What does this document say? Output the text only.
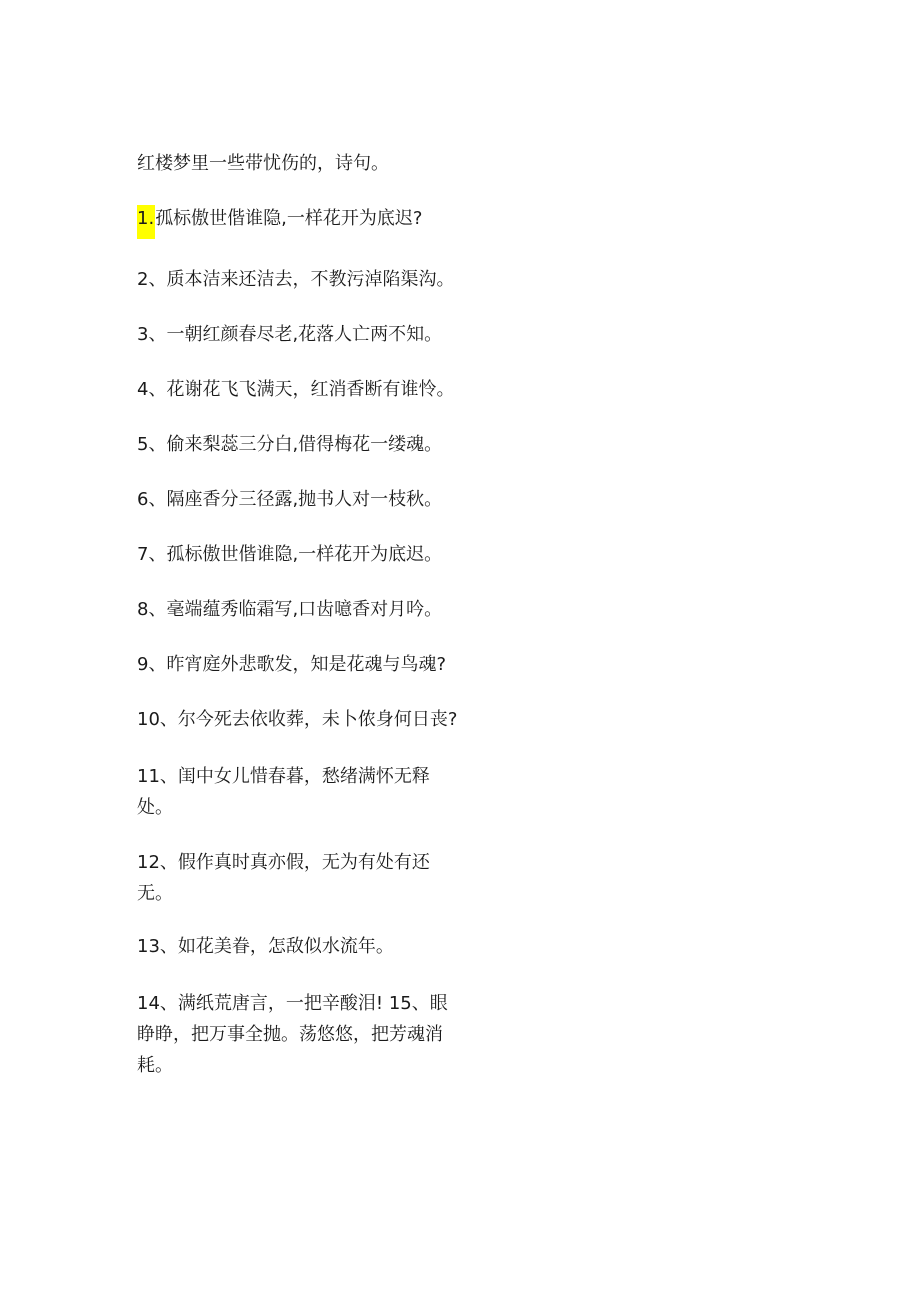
红楼梦里一些带忧伤的，诗句。
1.孤标傲世偕谁隐,一样花开为底迟?
2、质本洁来还洁去，不教污淖陷渠沟。
3、一朝红颜春尽老,花落人亡两不知。
4、花谢花飞飞满天，红消香断有谁怜。
5、偷来梨蕊三分白,借得梅花一缕魂。
6、隔座香分三径露,抛书人对一枝秋。
7、孤标傲世偕谁隐,一样花开为底迟。
8、毫端蕴秀临霜写,口齿噫香对月吟。
9、昨宵庭外悲歌发，知是花魂与鸟魂?
10、尔今死去依收葬，未卜侬身何日丧?
11、闺中女儿惜春暮，愁绪满怀无释处。
12、假作真时真亦假，无为有处有还无。
13、如花美眷，怎敌似水流年。
14、满纸荒唐言，一把辛酸泪! 15、眼睁睁，把万事全抛。荡悠悠，把芳魂消耗。
